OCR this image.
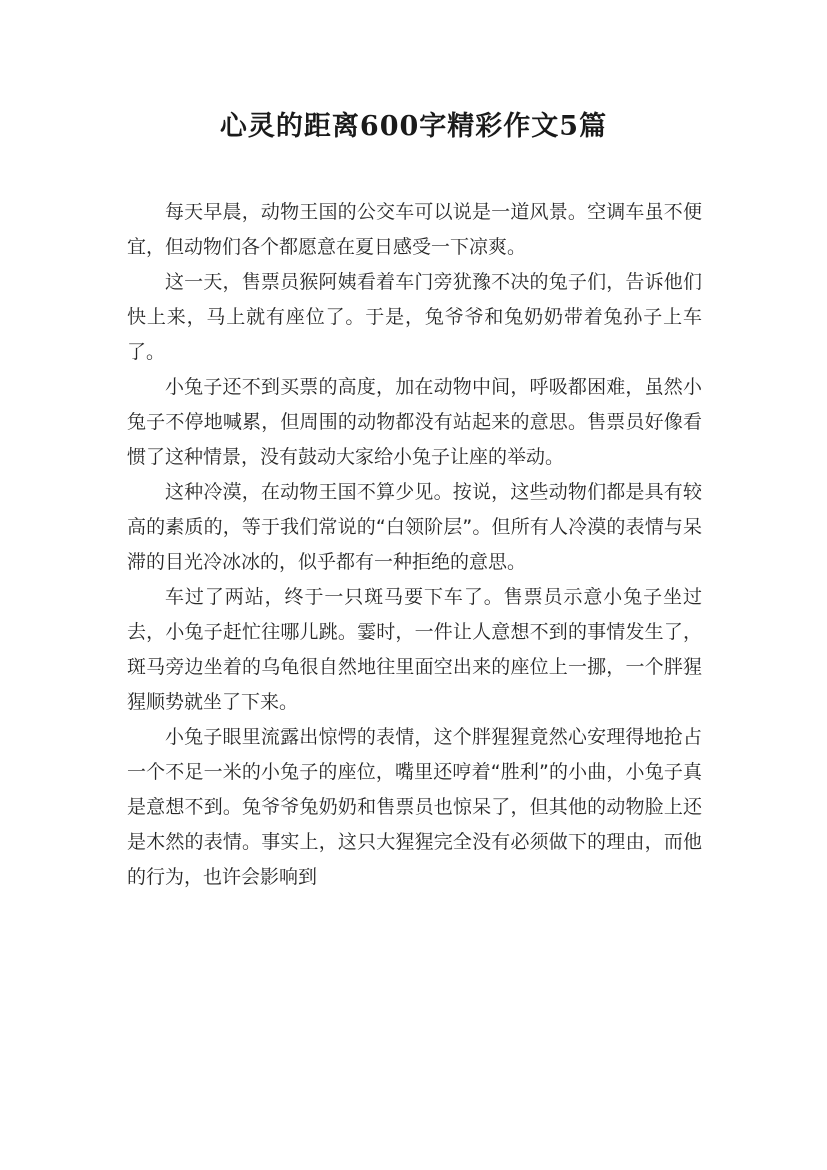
心灵的距离600字精彩作文5篇

每天早晨，动物王国的公交车可以说是一道风景。空调车虽不便宜，但动物们各个都愿意在夏日感受一下凉爽。

这一天，售票员猴阿姨看着车门旁犹豫不决的兔子们，告诉他们快上来，马上就有座位了。于是，兔爷爷和兔奶奶带着兔孙子上车了。

小兔子还不到买票的高度，加在动物中间，呼吸都困难，虽然小兔子不停地喊累，但周围的动物都没有站起来的意思。售票员好像看惯了这种情景，没有鼓动大家给小兔子让座的举动。

这种冷漠，在动物王国不算少见。按说，这些动物们都是具有较高的素质的，等于我们常说的“白领阶层”。但所有人冷漠的表情与呆滞的目光冷冰冰的，似乎都有一种拒绝的意思。

车过了两站，终于一只斑马要下车了。售票员示意小兔子坐过去，小兔子赶忙往哪儿跳。霎时，一件让人意想不到的事情发生了，斑马旁边坐着的乌龟很自然地往里面空出来的座位上一挪，一个胖猩猩顺势就坐了下来。

小兔子眼里流露出惊愕的表情，这个胖猩猩竟然心安理得地抢占一个不足一米的小兔子的座位，嘴里还哼着“胜利”的小曲，小兔子真是意想不到。兔爷爷兔奶奶和售票员也惊呆了，但其他的动物脸上还是木然的表情。事实上，这只大猩猩完全没有必须做下的理由，而他的行为，也许会影响到
